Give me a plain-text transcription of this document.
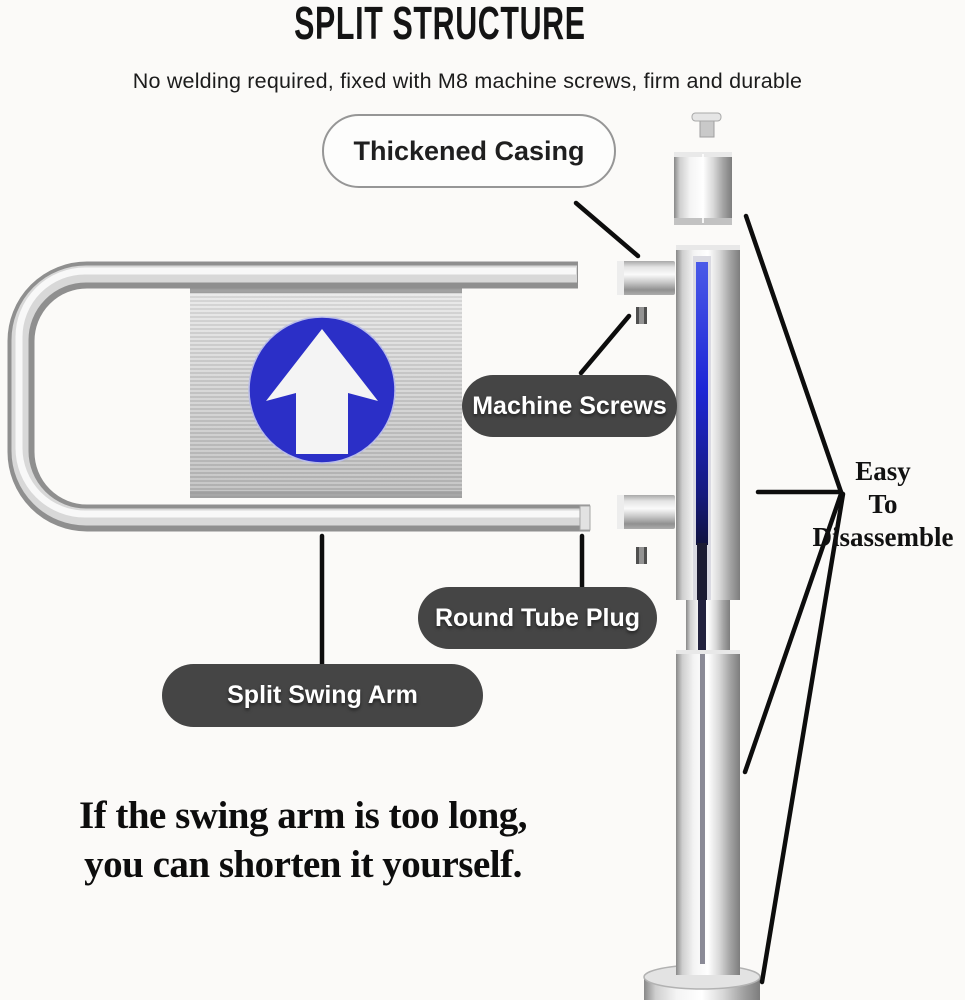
SPLIT STRUCTURE
No welding required, fixed with M8 machine screws, firm and durable
Thickened Casing
Machine Screws
Round Tube Plug
Split Swing Arm
Easy
To
Disassemble
If the swing arm is too long,
you can shorten it yourself.
